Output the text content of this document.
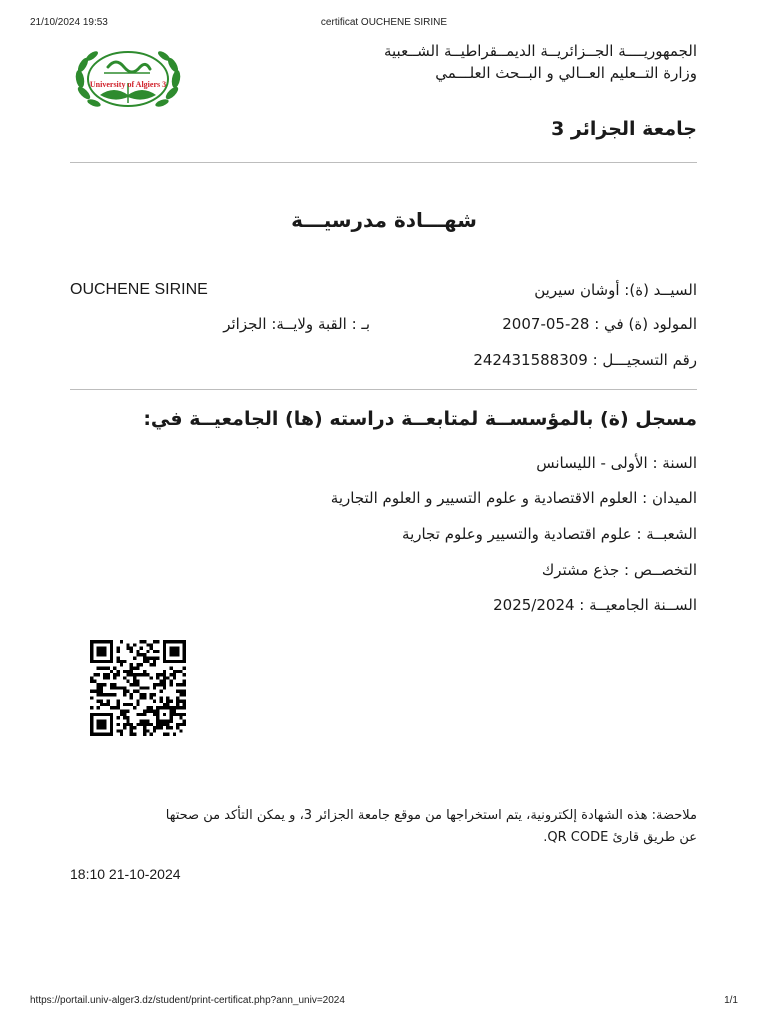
21/10/2024 19:53	certificat OUCHENE SIRINE
University of Algiers 3
الجمهوريــــة الجــزائريــة الديمــقراطيــة الشــعبية
وزارة التــعليم العــالي و البــحث العلـــمي
جامعة الجزائر 3
شهـــادة مدرسيـــة
السيــد (ة): أوشان سيرين
OUCHENE SIRINE
المولود (ة) في : 28-05-2007
بـ : القبة ولايــة: الجزائر
رقم التسجيـــل : 242431588309
مسجل (ة) بالمؤسســة لمتابعــة دراسته (ها) الجامعيــة في:
السنة : الأولى - الليسانس
الميدان : العلوم الاقتصادية و علوم التسيير و العلوم التجارية
الشعبــة : علوم اقتصادية والتسيير وعلوم تجارية
التخصــص : جذع مشترك
الســنة الجامعيــة : 2025/2024
ملاحضة: هذه الشهادة إلكترونية، يتم استخراجها من موقع جامعة الجزائر 3، و يمكن التأكد من صحتها
عن طريق قارئ QR CODE.
18:10 21-10-2024
https://portail.univ-alger3.dz/student/print-certificat.php?ann_univ=2024	1/1
